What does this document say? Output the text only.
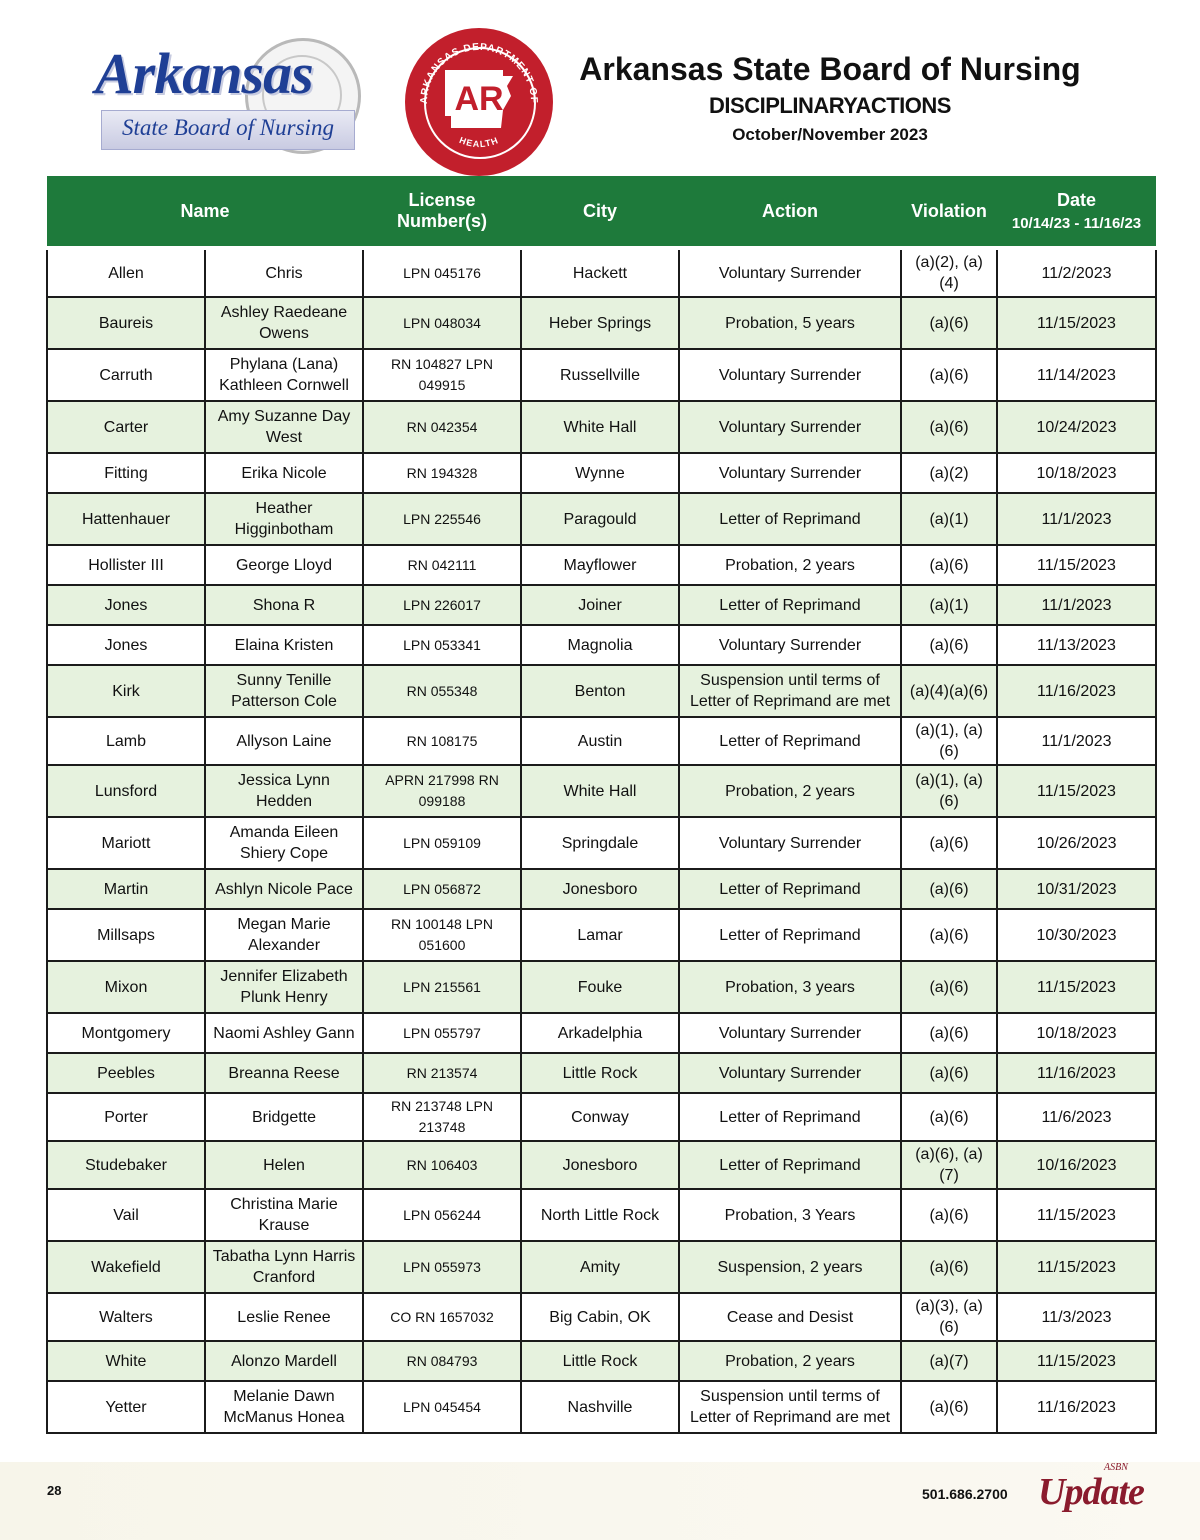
Arkansas
State Board of Nursing
ARKANSAS DEPARTMENT OF
HEALTH
AR
Arkansas State Board of Nursing
DISCIPLINARYACTIONS
October/November 2023
Name		License Number(s)	City	Action	Violation	Date
10/14/23 - 11/16/23

Allen	Chris	LPN 045176	Hackett	Voluntary Surrender	(a)(2), (a)(4)	11/2/2023
Baureis	Ashley Raedeane Owens	LPN 048034	Heber Springs	Probation, 5 years	(a)(6)	11/15/2023
Carruth	Phylana (Lana) Kathleen Cornwell	RN 104827 LPN 049915	Russellville	Voluntary Surrender	(a)(6)	11/14/2023
Carter	Amy Suzanne Day West	RN 042354	White Hall	Voluntary Surrender	(a)(6)	10/24/2023
Fitting	Erika Nicole	RN 194328	Wynne	Voluntary Surrender	(a)(2)	10/18/2023
Hattenhauer	Heather Higginbotham	LPN 225546	Paragould	Letter of Reprimand	(a)(1)	11/1/2023
Hollister III	George Lloyd	RN 042111	Mayflower	Probation, 2 years	(a)(6)	11/15/2023
Jones	Shona R	LPN 226017	Joiner	Letter of Reprimand	(a)(1)	11/1/2023
Jones	Elaina Kristen	LPN 053341	Magnolia	Voluntary Surrender	(a)(6)	11/13/2023
Kirk	Sunny Tenille Patterson Cole	RN 055348	Benton	Suspension until terms of Letter of Reprimand are met	(a)(4)(a)(6)	11/16/2023
Lamb	Allyson Laine	RN 108175	Austin	Letter of Reprimand	(a)(1), (a)(6)	11/1/2023
Lunsford	Jessica Lynn Hedden	APRN 217998 RN 099188	White Hall	Probation, 2 years	(a)(1), (a)(6)	11/15/2023
Mariott	Amanda Eileen Shiery Cope	LPN 059109	Springdale	Voluntary Surrender	(a)(6)	10/26/2023
Martin	Ashlyn Nicole Pace	LPN 056872	Jonesboro	Letter of Reprimand	(a)(6)	10/31/2023
Millsaps	Megan Marie Alexander	RN 100148 LPN 051600	Lamar	Letter of Reprimand	(a)(6)	10/30/2023
Mixon	Jennifer Elizabeth Plunk Henry	LPN 215561	Fouke	Probation, 3 years	(a)(6)	11/15/2023
Montgomery	Naomi Ashley Gann	LPN 055797	Arkadelphia	Voluntary Surrender	(a)(6)	10/18/2023
Peebles	Breanna Reese	RN 213574	Little Rock	Voluntary Surrender	(a)(6)	11/16/2023
Porter	Bridgette	RN 213748 LPN 213748	Conway	Letter of Reprimand	(a)(6)	11/6/2023
Studebaker	Helen	RN 106403	Jonesboro	Letter of Reprimand	(a)(6), (a)(7)	10/16/2023
Vail	Christina Marie Krause	LPN 056244	North Little Rock	Probation, 3 Years	(a)(6)	11/15/2023
Wakefield	Tabatha Lynn Harris Cranford	LPN 055973	Amity	Suspension, 2 years	(a)(6)	11/15/2023
Walters	Leslie Renee	CO RN 1657032	Big Cabin, OK	Cease and Desist	(a)(3), (a)(6)	11/3/2023
White	Alonzo Mardell	RN 084793	Little Rock	Probation, 2 years	(a)(7)	11/15/2023
Yetter	Melanie Dawn McManus Honea	LPN 045454	Nashville	Suspension until terms of Letter of Reprimand are met	(a)(6)	11/16/2023
28	501.686.2700
ASBN
Update
